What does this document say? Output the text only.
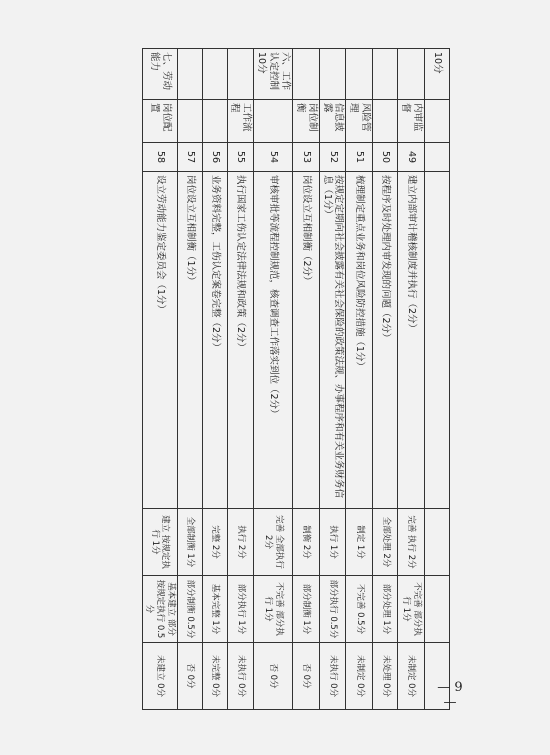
10分						
	内审监督	49	建立内部审计稽核制度并执行（2分）	完善 执行 2分	不完善 部分执行 1分	未制定 0分
		50	按程序及时处理内审发现的问题（2分）	全部处理 2分	部分处理 1分	未处理 0分
	风险管理	51	梳理制定重点业务和岗位风险防控措施（1分）	制定 1分	不完善 0.5分	未制定 0分
	信息披露	52	按规定定期向社会披露有关社会保险的政策法规、办事程序和有关业务财务信息（1分）	执行 1分	部分执行 0.5分	未执行 0分
	岗位制衡	53	岗位设立互相制衡（2分）	制衡 2分	部分制衡 1分	否 0分
六、工作认定控制 10分		54	审核审批等流程控制规范，核查调查工作落实到位（2分）	完善 全部执行 2分	不完善 部分执行 1分	否 0分
	工作流程	55	执行国家工伤认定法律法规和政策（2分）	执行 2分	部分执行 1分	未执行 0分
		56	业务资料完整，工伤认定案卷完整（2分）	完整 2分	基本完整 1分	未完整 0分
		57	岗位设立互相制衡（1分）	全部制衡 1分	部分制衡 0.5分	否 0分
七、劳动能力	岗位配置	58	设立劳动能力鉴定委员会（1分）	建立 按规定执行 1分	基本建立 部分按规定执行 0.5分	未建立 0分	— 9 —
